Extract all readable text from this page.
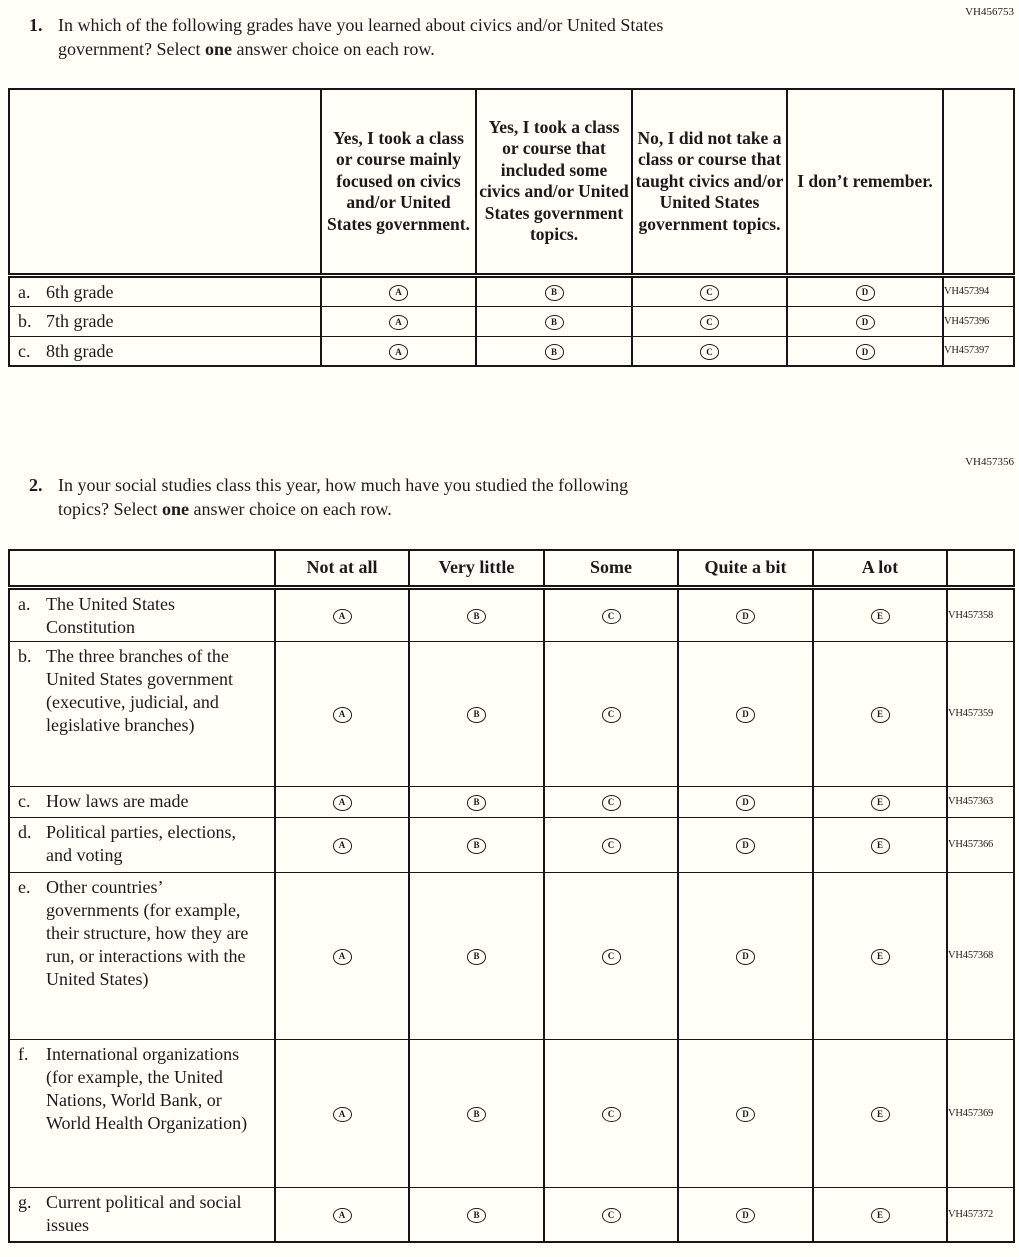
VH456753
1. In which of the following grades have you learned about civics and/or United States
government? Select one answer choice on each row.
	Yes, I took a class or course mainly focused on civics and/or United States government.	Yes, I took a class or course that included some civics and/or United States government topics.	No, I did not take a class or course that taught civics and/or United States government topics.	I don’t remember.	

a. 6th grade	A	B	C	D	VH457394

b. 7th grade	A	B	C	D	VH457396

c. 8th grade	A	B	C	D	VH457397
VH457356
2. In your social studies class this year, how much have you studied the following
topics? Select one answer choice on each row.
	Not at all	Very little	Some	Quite a bit	A lot	

a. The United States Constitution	A	B	C	D	E	VH457358

b. The three branches of the United States government (executive, judicial, and legislative branches)	A	B	C	D	E	VH457359

c. How laws are made	A	B	C	D	E	VH457363

d. Political parties, elections, and voting	A	B	C	D	E	VH457366

e. Other countries’ governments (for example, their structure, how they are run, or interactions with the United States)	A	B	C	D	E	VH457368

f. International organizations (for example, the United Nations, World Bank, or World Health Organization)	A	B	C	D	E	VH457369

g. Current political and social issues	A	B	C	D	E	VH457372
